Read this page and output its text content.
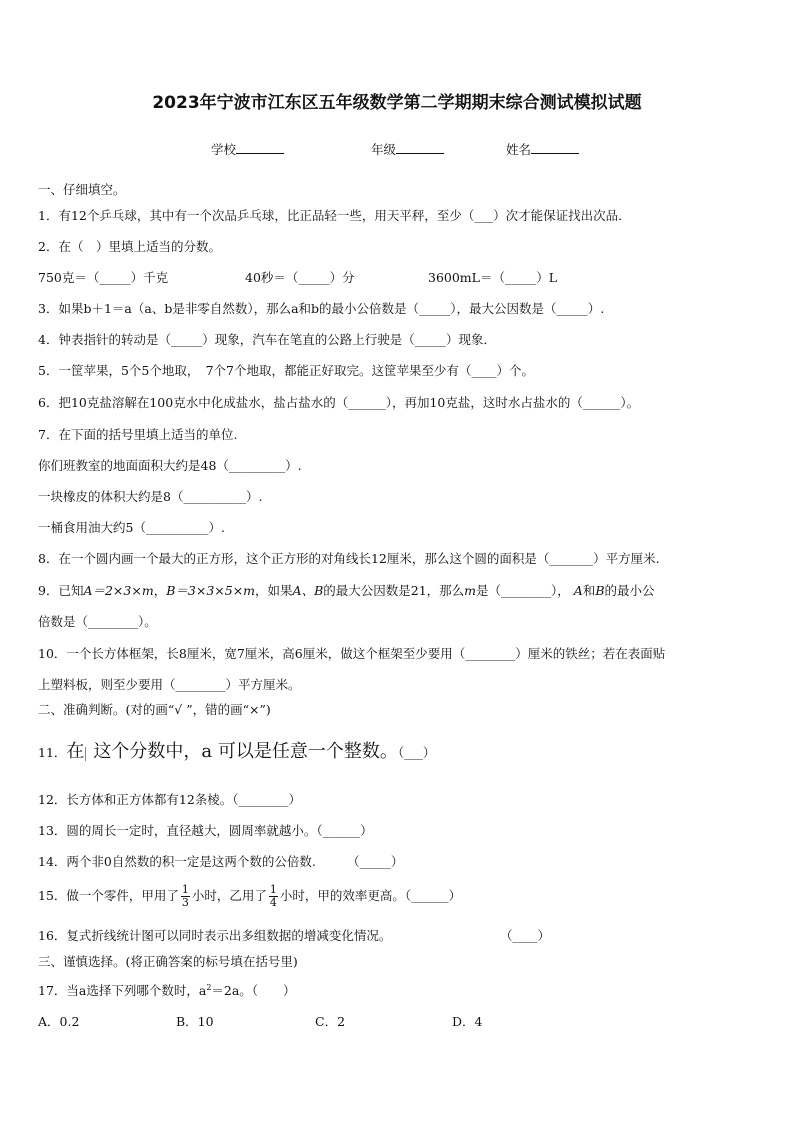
2023年宁波市江东区五年级数学第二学期期末综合测试模拟试题
学校	年级	姓名
一、仔细填空。
1．有12个乒乓球，其中有一个次品乒乓球，比正品轻一些，用天平秤，至少（___）次才能保证找出次品．
2．在（　）里填上适当的分数。
750克＝（_____）千克	40秒＝（_____）分	3600mL＝（_____）L
3．如果b＋1＝a（a、b是非零自然数），那么a和b的最小公倍数是（_____），最大公因数是（_____）.
4．钟表指针的转动是（_____）现象，汽车在笔直的公路上行驶是（_____）现象．
5．一筐苹果，5个5个地取，　7个7个地取，都能正好取完。这筐苹果至少有（____）个。
6．把10克盐溶解在100克水中化成盐水，盐占盐水的（______），再加10克盐，这时水占盐水的（______）。
7．在下面的括号里填上适当的单位.
你们班教室的地面面积大约是48（_________）.
一块橡皮的体积大约是8（__________）.
一桶食用油大约5（__________）.
8．在一个圆内画一个最大的正方形，这个正方形的对角线长12厘米，那么这个圆的面积是（_______）平方厘米.
9．已知A＝2×3×m，B＝3×3×5×m，如果A、B的最大公因数是21，那么m是（________）， A和B的最小公
倍数是（________）。
10．一个长方体框架，长8厘米，宽7厘米，高6厘米，做这个框架至少要用（________）厘米的铁丝；若在表面贴
上塑料板，则至少要用（________）平方厘米。
二、准确判断。(对的画“√ ”，错的画“×”)
11．在 这个分数中，a 可以是任意一个整数。（___）
12．长方体和正方体都有12条棱。（________）
13．圆的周长一定时，直径越大，圆周率就越小。（______）
14．两个非0自然数的积一定是这两个数的公倍数.　　　（_____）
15．做一个零件，甲用了 $\frac{1}{3}$ 小时，乙用了 $\frac{1}{4}$ 小时，甲的效率更高。（______）
16．复式折线统计图可以同时表示出多组数据的增减变化情况。	（____）
三、谨慎选择。(将正确答案的标号填在括号里)
17．当a选择下列哪个数时，$a^2=2a$。（　　）
A．0.2	B．10	C．2	D．4
